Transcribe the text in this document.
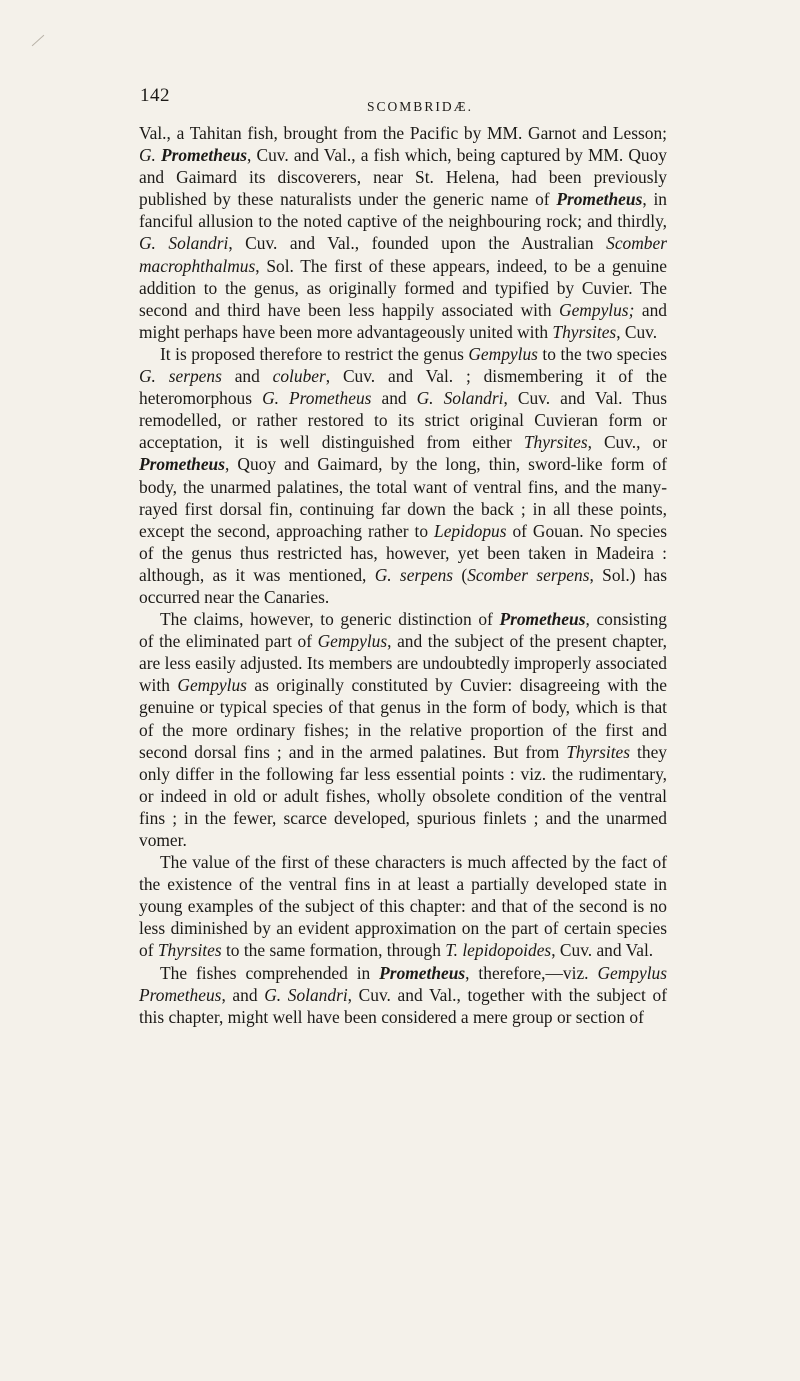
142
SCOMBRIDÆ.

Val., a Tahitan fish, brought from the Pacific by MM. Garnot and Lesson; G. Prometheus, Cuv. and Val., a fish which, being captured by MM. Quoy and Gaimard its discoverers, near St. Helena, had been previously published by these naturalists under the generic name of Prometheus, in fanciful allusion to the noted captive of the neighbouring rock; and thirdly, G. Solandri, Cuv. and Val., founded upon the Australian Scomber macrophthalmus, Sol. The first of these appears, indeed, to be a genuine addition to the genus, as originally formed and typified by Cuvier. The second and third have been less happily associated with Gempylus; and might perhaps have been more advantageously united with Thyrsites, Cuv.

It is proposed therefore to restrict the genus Gempylus to the two species G. serpens and coluber, Cuv. and Val. ; dismembering it of the heteromorphous G. Prometheus and G. Solandri, Cuv. and Val. Thus remodelled, or rather restored to its strict original Cuvieran form or acceptation, it is well distinguished from either Thyrsites, Cuv., or Prometheus, Quoy and Gaimard, by the long, thin, sword-like form of body, the unarmed palatines, the total want of ventral fins, and the many-rayed first dorsal fin, continuing far down the back ; in all these points, except the second, approaching rather to Lepidopus of Gouan. No species of the genus thus restricted has, however, yet been taken in Madeira : although, as it was mentioned, G. serpens (Scomber serpens, Sol.) has occurred near the Canaries.

The claims, however, to generic distinction of Prometheus, consisting of the eliminated part of Gempylus, and the subject of the present chapter, are less easily adjusted. Its members are undoubtedly improperly associated with Gempylus as originally constituted by Cuvier: disagreeing with the genuine or typical species of that genus in the form of body, which is that of the more ordinary fishes; in the relative proportion of the first and second dorsal fins ; and in the armed palatines. But from Thyrsites they only differ in the following far less essential points : viz. the rudimentary, or indeed in old or adult fishes, wholly obsolete condition of the ventral fins ; in the fewer, scarce developed, spurious finlets ; and the unarmed vomer.

The value of the first of these characters is much affected by the fact of the existence of the ventral fins in at least a partially developed state in young examples of the subject of this chapter: and that of the second is no less diminished by an evident approximation on the part of certain species of Thyrsites to the same formation, through T. lepidopoides, Cuv. and Val.

The fishes comprehended in Prometheus, therefore,—viz. Gempylus Prometheus, and G. Solandri, Cuv. and Val., together with the subject of this chapter, might well have been considered a mere group or section of
